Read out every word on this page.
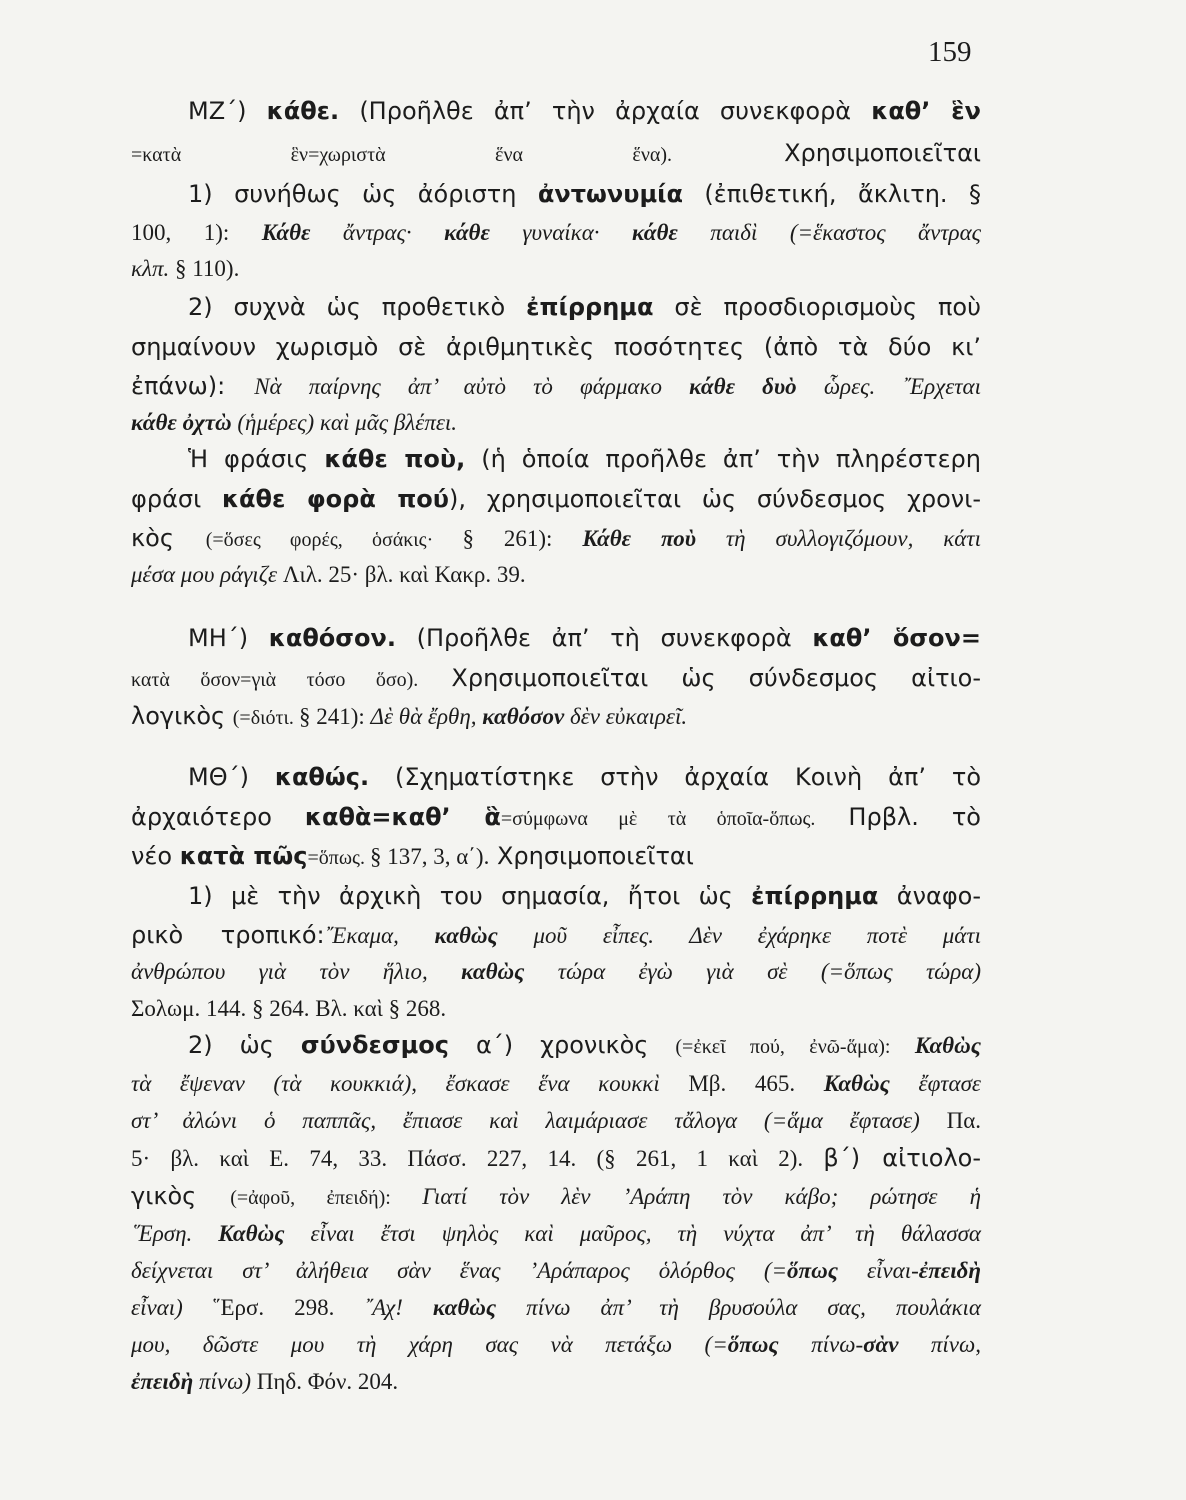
159
ΜΖ΄) κάθε. (Προῆλθε ἀπ’ τὴν ἀρχαία συνεκφορὰ καθ’ ἓν
=κατὰ ἓν=χωριστὰ ἕνα ἕνα). Χρησιμοποιεῖται
1) συνήθως ὡς ἀόριστη ἀντωνυμία (ἐπιθετική, ἄκλιτη. §
100, 1): Κάθε ἄντρας· κάθε γυναίκα· κάθε παιδὶ (=ἕκαστος ἄντρας
κλπ. § 110).
2) συχνὰ ὡς προθετικὸ ἐπίρρημα σὲ προσδιορισμοὺς ποὺ
σημαίνουν χωρισμὸ σὲ ἀριθμητικὲς ποσότητες (ἀπὸ τὰ δύο κι’
ἐπάνω): Νὰ παίρνης ἀπ’ αὐτὸ τὸ φάρμακο κάθε δυὸ ὧρες. ῎Ερχεται
κάθε ὀχτὼ (ἡμέρες) καὶ μᾶς βλέπει.
Ἡ φράσις κάθε ποὺ, (ἡ ὁποία προῆλθε ἀπ’ τὴν πληρέστερη
φράσι κάθε φορὰ πού), χρησιμοποιεῖται ὡς σύνδεσμος χρονι-
κὸς (=ὅσες φορές, ὁσάκις· § 261): Κάθε ποὺ τὴ συλλογιζόμουν, κάτι
μέσα μου ράγιζε Λιλ. 25· βλ. καὶ Κακρ. 39.
ΜΗ΄) καθόσον. (Προῆλθε ἀπ’ τὴ συνεκφορὰ καθ’ ὅσον=
κατὰ ὅσον=γιὰ τόσο ὅσο). Χρησιμοποιεῖται ὡς σύνδεσμος αἰτιο-
λογικὸς (=διότι. § 241): Δὲ θὰ ἔρθη, καθόσον δὲν εὐκαιρεῖ.
ΜΘ΄) καθώς. (Σχηματίστηκε στὴν ἀρχαία Κοινὴ ἀπ’ τὸ
ἀρχαιότερο καθὰ=καθ’ ἃ=σύμφωνα μὲ τὰ ὁποῖα-ὅπως. Πρβλ. τὸ
νέο κατὰ πῶς=ὅπως. § 137, 3, α΄). Χρησιμοποιεῖται
1) μὲ τὴν ἀρχικὴ του σημασία, ἤτοι ὡς ἐπίρρημα ἀναφο-
ρικὸ τροπικό:῎Εκαμα, καθὼς μοῦ εἶπες. Δὲν ἐχάρηκε ποτὲ μάτι
ἀνθρώπου γιὰ τὸν ἥλιο, καθὼς τώρα ἐγὼ γιὰ σὲ (=ὅπως τώρα)
Σολωμ. 144. § 264. Βλ. καὶ § 268.
2) ὡς σύνδεσμος α΄) χρονικὸς (=ἐκεῖ πού, ἐνῶ-ἅμα): Καθὼς
τὰ ἔψεναν (τὰ κουκκιά), ἔσκασε ἕνα κουκκὶ Μβ. 465. Καθὼς ἔφτασε
στ’ ἀλώνι ὁ παππᾶς, ἔπιασε καὶ λαιμάριασε τἄλογα (=ἅμα ἔφτασε) Πα.
5· βλ. καὶ Ε. 74, 33. Πάσσ. 227, 14. (§ 261, 1 καὶ 2). β΄) αἰτιολο-
γικὸς (=ἀφοῦ, ἐπειδή): Γιατί τὸν λὲν ’Αράπη τὸν κάβο; ρώτησε ἡ
῞Ερση. Καθὼς εἶναι ἔτσι ψηλὸς καὶ μαῦρος, τὴ νύχτα ἀπ’ τὴ θάλασσα
δείχνεται στ’ ἀλήθεια σὰν ἕνας ’Αράπαρος ὁλόρθος (=ὅπως εἶναι-ἐπειδὴ
εἶναι) ῞Ερσ. 298. ῎Αχ! καθὼς πίνω ἀπ’ τὴ βρυσούλα σας, πουλάκια
μου, δῶστε μου τὴ χάρη σας νὰ πετάξω (=ὅπως πίνω-σὰν πίνω,
ἐπειδὴ πίνω) Πηδ. Φόν. 204.
